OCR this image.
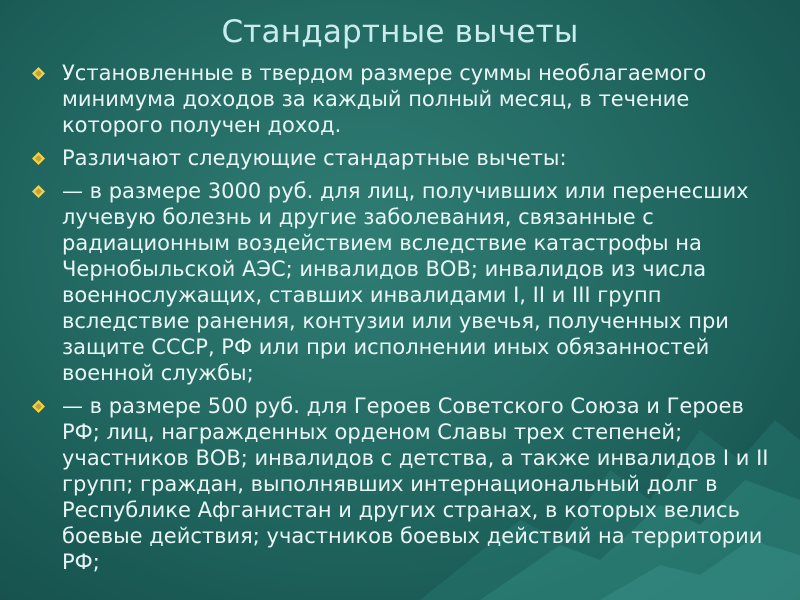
Стандартные вычеты
Установленные в твердом размере суммы необлагаемого минимума доходов за каждый полный месяц, в течение которого получен доход.
Различают следующие стандартные вычеты:
— в размере 3000 руб. для лиц, получивших или перенесших лучевую болезнь и другие заболевания, связанные с радиационным воздействием вследствие катастрофы на Чернобыльской АЭС; инвалидов ВОВ; инвалидов из числа военнослужащих, ставших инвалидами I, II и III групп вследствие ранения, контузии или увечья, полученных при защите СССР, РФ или при исполнении иных обязанностей военной службы;
— в размере 500 руб. для Героев Советского Союза и Героев РФ; лиц, награжденных орденом Славы трех степеней; участников ВОВ; инвалидов с детства, а также инвалидов I и II групп; граждан, выполнявших интернациональный долг в Республике Афганистан и других странах, в которых велись боевые действия; участников боевых действий на территории РФ;
